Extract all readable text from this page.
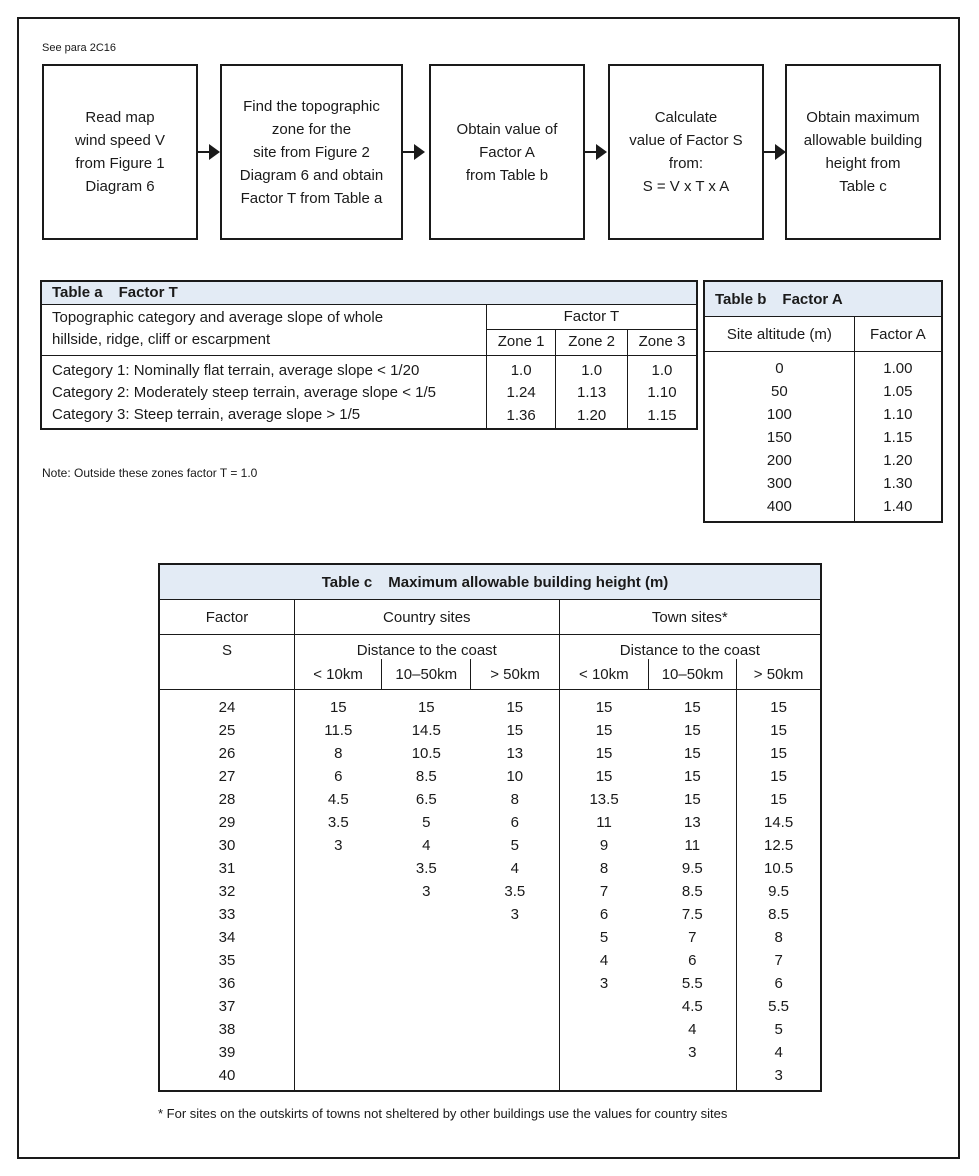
See para 2C16
Read map
wind speed V
from Figure 1
Diagram 6
Find the topographic
zone for the
site from Figure 2
Diagram 6 and obtain
Factor T from Table a
Obtain value of
Factor A
from Table b
Calculate
value of Factor S
from:
S = V x T x A
Obtain maximum
allowable building
height from
Table c
Table a Factor T			
Topographic category and average slope of whole	Factor T		
hillside, ridge, cliff or escarpment	Zone 1	Zone 2	Zone 3
Category 1: Nominally flat terrain, average slope < 1/20	1.0	1.0	1.0
Category 2: Moderately steep terrain, average slope < 1/5	1.24	1.13	1.10
Category 3: Steep terrain, average slope > 1/5	1.36	1.20	1.15
Note: Outside these zones factor T = 1.0
Table b Factor A	
Site altitude (m)	Factor A
0	1.00
50	1.05
100	1.10
150	1.15
200	1.20
300	1.30
400	1.40
Table c Maximum allowable building height (m)						
Factor	Country sites			Town sites*		
S	Distance to the coast			Distance to the coast		
	< 10km	10–50km	> 50km	< 10km	10–50km	> 50km
24	15	15	15	15	15	15
25	11.5	14.5	15	15	15	15
26	8	10.5	13	15	15	15
27	6	8.5	10	15	15	15
28	4.5	6.5	8	13.5	15	15
29	3.5	5	6	11	13	14.5
30	3	4	5	9	11	12.5
31		3.5	4	8	9.5	10.5
32		3	3.5	7	8.5	9.5
33			3	6	7.5	8.5
34				5	7	8
35				4	6	7
36				3	5.5	6
37					4.5	5.5
38					4	5
39					3	4
40						3
* For sites on the outskirts of towns not sheltered by other buildings use the values for country sites
